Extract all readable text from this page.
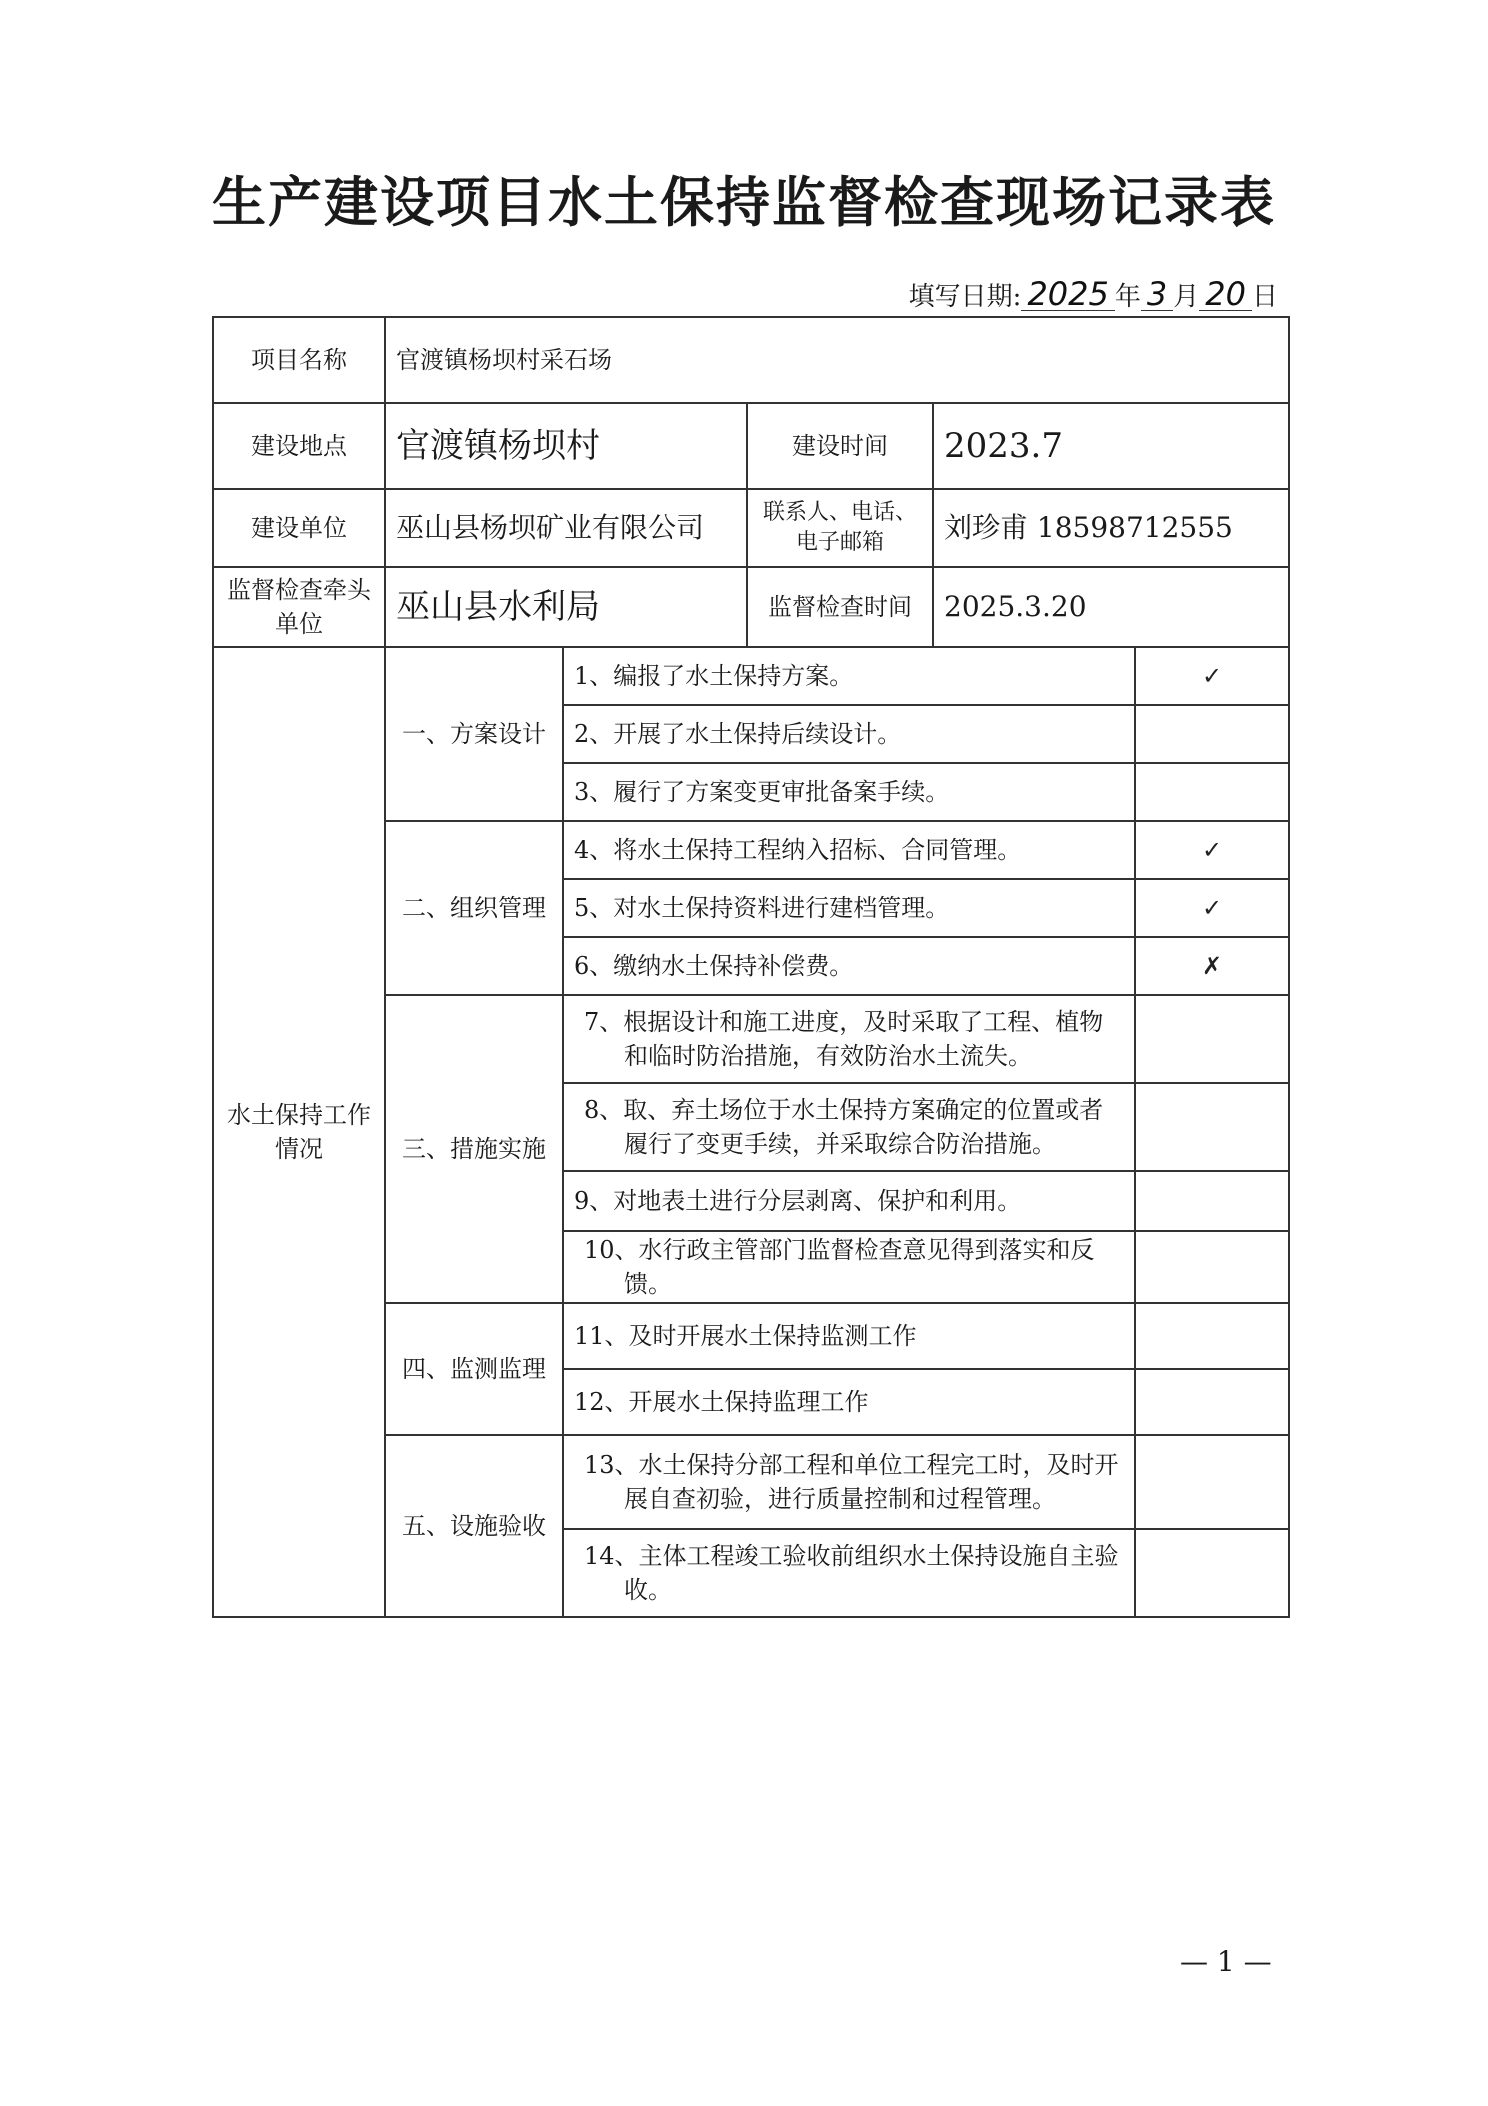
生产建设项目水土保持监督检查现场记录表
填写日期: 2025 年 3 月 20 日
项目名称	官渡镇杨坝村采石场				
建设地点	官渡镇杨坝村		建设时间	2023.7	
建设单位	巫山县杨坝矿业有限公司		联系人、电话、电子邮箱	刘珍甫 18598712555	
监督检查牵头单位	巫山县水利局		监督检查时间	2025.3.20	
水土保持工作情况	一、方案设计	1、编报了水土保持方案。			✓
		2、开展了水土保持后续设计。			
		3、履行了方案变更审批备案手续。			
	二、组织管理	4、将水土保持工程纳入招标、合同管理。			✓
		5、对水土保持资料进行建档管理。			✓
		6、缴纳水土保持补偿费。			✗
	三、措施实施	7、根据设计和施工进度，及时采取了工程、植物和临时防治措施，有效防治水土流失。			

		8、取、弃土场位于水土保持方案确定的位置或者履行了变更手续，并采取综合防治措施。			

		9、对地表土进行分层剥离、保护和利用。			

		10、水行政主管部门监督检查意见得到落实和反馈。			

	四、监测监理	11、及时开展水土保持监测工作			
		12、开展水土保持监理工作			
	五、设施验收	13、水土保持分部工程和单位工程完工时，及时开展自查初验，进行质量控制和过程管理。			

		14、主体工程竣工验收前组织水土保持设施自主验收。			

— 1 —
